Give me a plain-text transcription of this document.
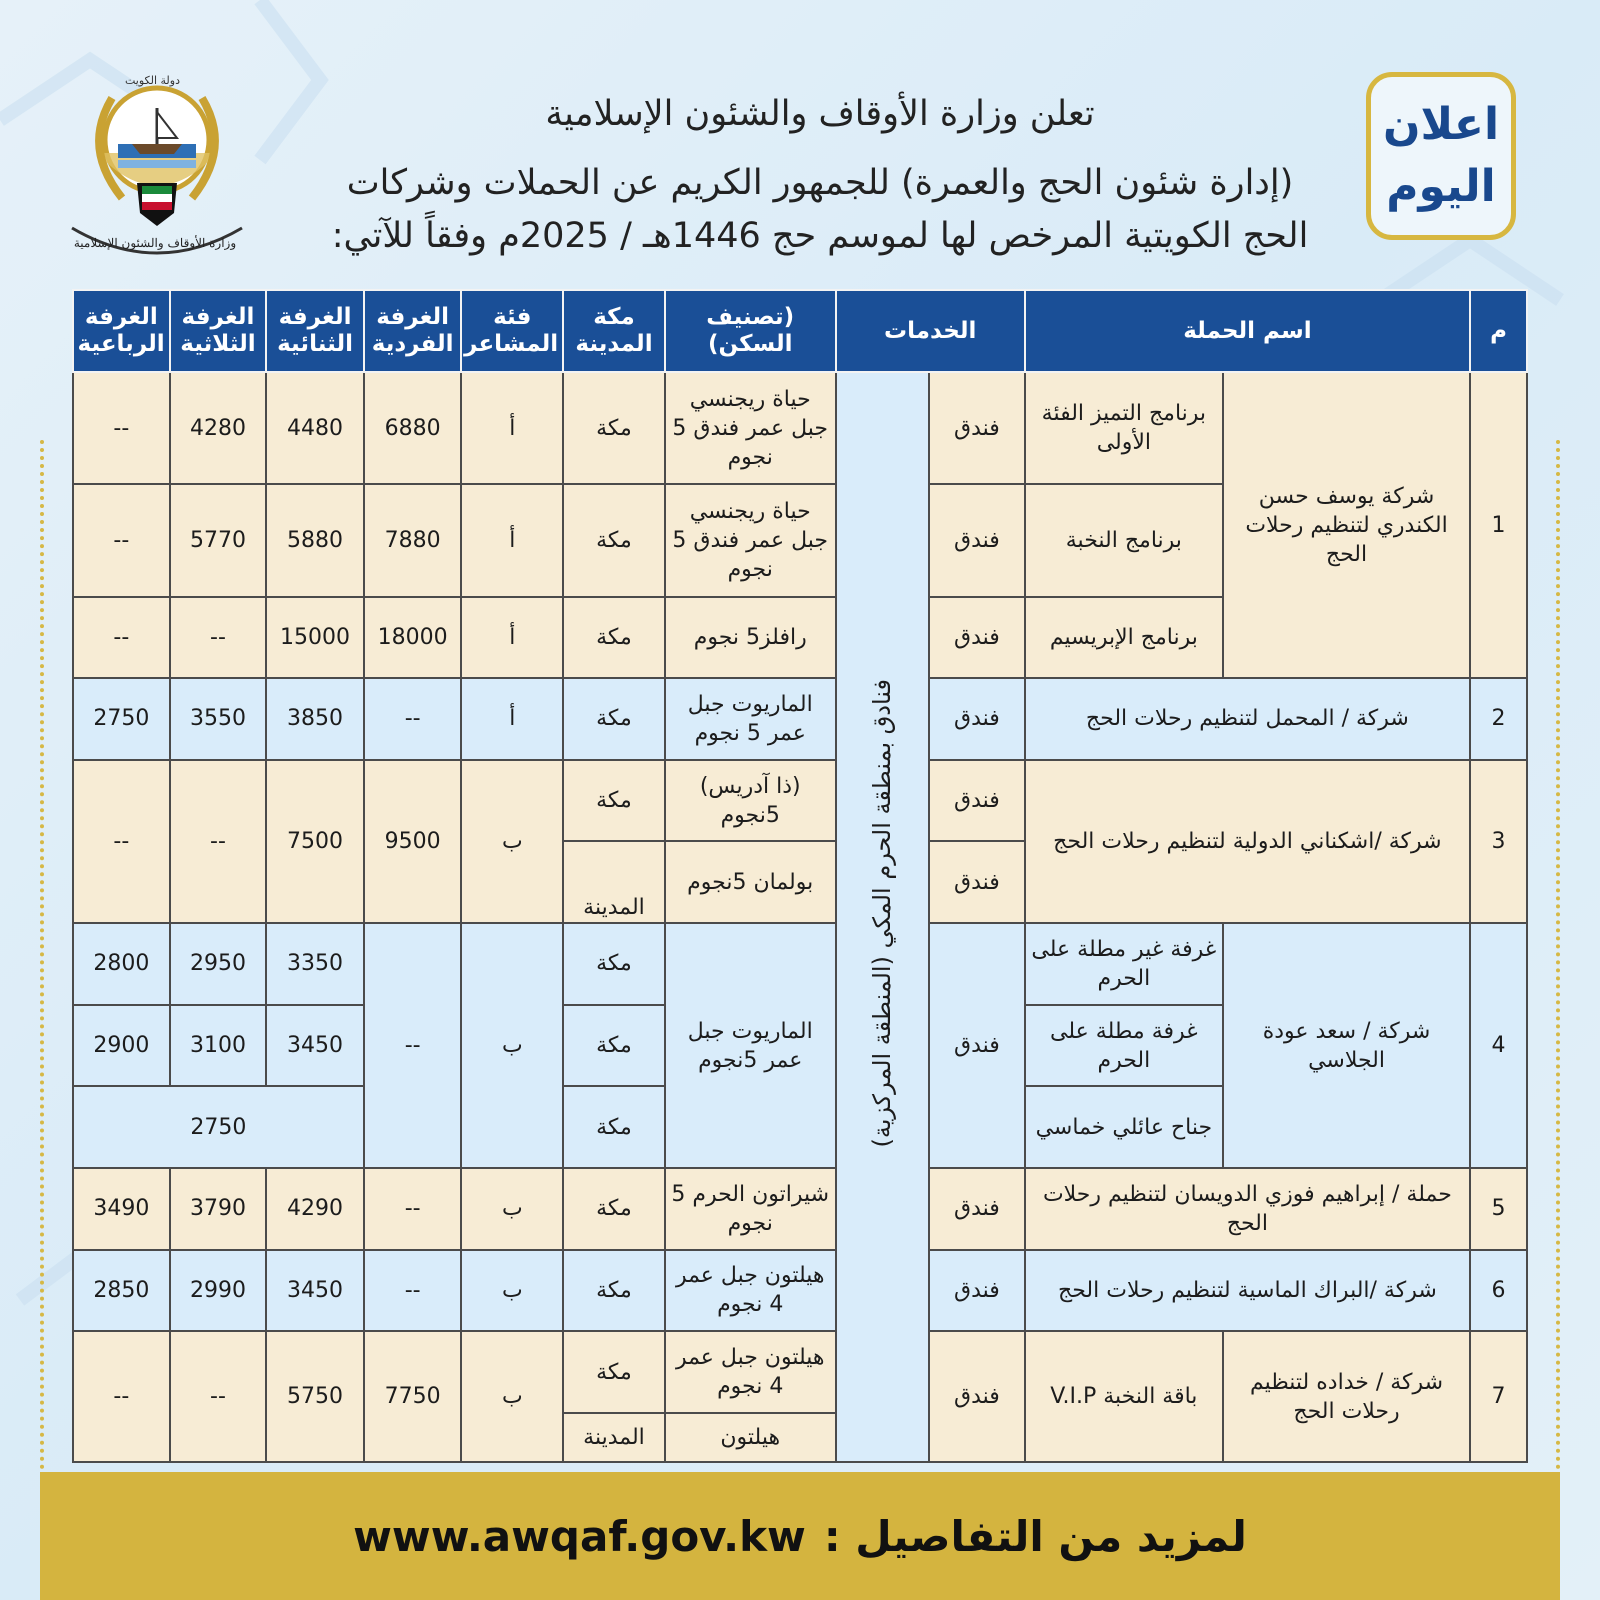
اعلان
اليوم
دولة الكويت
وزارة الأوقاف والشئون الإسلامية
تعلن وزارة الأوقاف والشئون الإسلامية
(إدارة شئون الحج والعمرة) للجمهور الكريم عن الحملات وشركات
الحج الكويتية المرخص لها لموسم حج 1446هـ / 2025م وفقاً للآتي:
م	اسم الحملة		الخدمات		(تصنيف السكن)	مكة المدينة	فئة المشاعر	الغرفة الفردية	الغرفة الثنائية	الغرفة الثلاثية	الغرفة الرباعية
1	شركة يوسف حسن الكندري لتنظيم رحلات الحج	برنامج التميز الفئة الأولى	فندق	فنادق بمنطقة الحرم المكي (المنطقة المركزية)	حياة ريجنسي جبل عمر فندق 5 نجوم	مكة	أ	6880	4480	4280	--
		برنامج النخبة	فندق		حياة ريجنسي جبل عمر فندق 5 نجوم	مكة	أ	7880	5880	5770	--
		برنامج الإبريسيم	فندق		رافلز5 نجوم	مكة	أ	18000	15000	--	--
2	شركة / المحمل لتنظيم رحلات الحج		فندق		الماريوت جبل عمر 5 نجوم	مكة	أ	--	3850	3550	2750
3	شركة /اشكناني الدولية لتنظيم رحلات الحج		فندق		(ذا آدريس) 5نجوم	مكة	ب	9500	7500	--	--
			فندق		بولمان 5نجوم	المدينة					
4	شركة / سعد عودة الجلاسي	غرفة غير مطلة على الحرم	فندق		الماريوت جبل عمر 5نجوم	مكة	ب	--	3350	2950	2800
		غرفة مطلة على الحرم				مكة			3450	3100	2900
		جناح عائلي خماسي				مكة			2750		
5	حملة / إبراهيم فوزي الدويسان لتنظيم رحلات الحج		فندق		شيراتون الحرم 5 نجوم	مكة	ب	--	4290	3790	3490
6	شركة /البراك الماسية لتنظيم رحلات الحج		فندق		هيلتون جبل عمر 4 نجوم	مكة	ب	--	3450	2990	2850
7	شركة / خداده لتنظيم رحلات الحج	باقة النخبة V.I.P	فندق		هيلتون جبل عمر 4 نجوم	مكة	ب	7750	5750	--	--
					هيلتون	المدينة					
لمزيد من التفاصيل :
www.awqaf.gov.kw
